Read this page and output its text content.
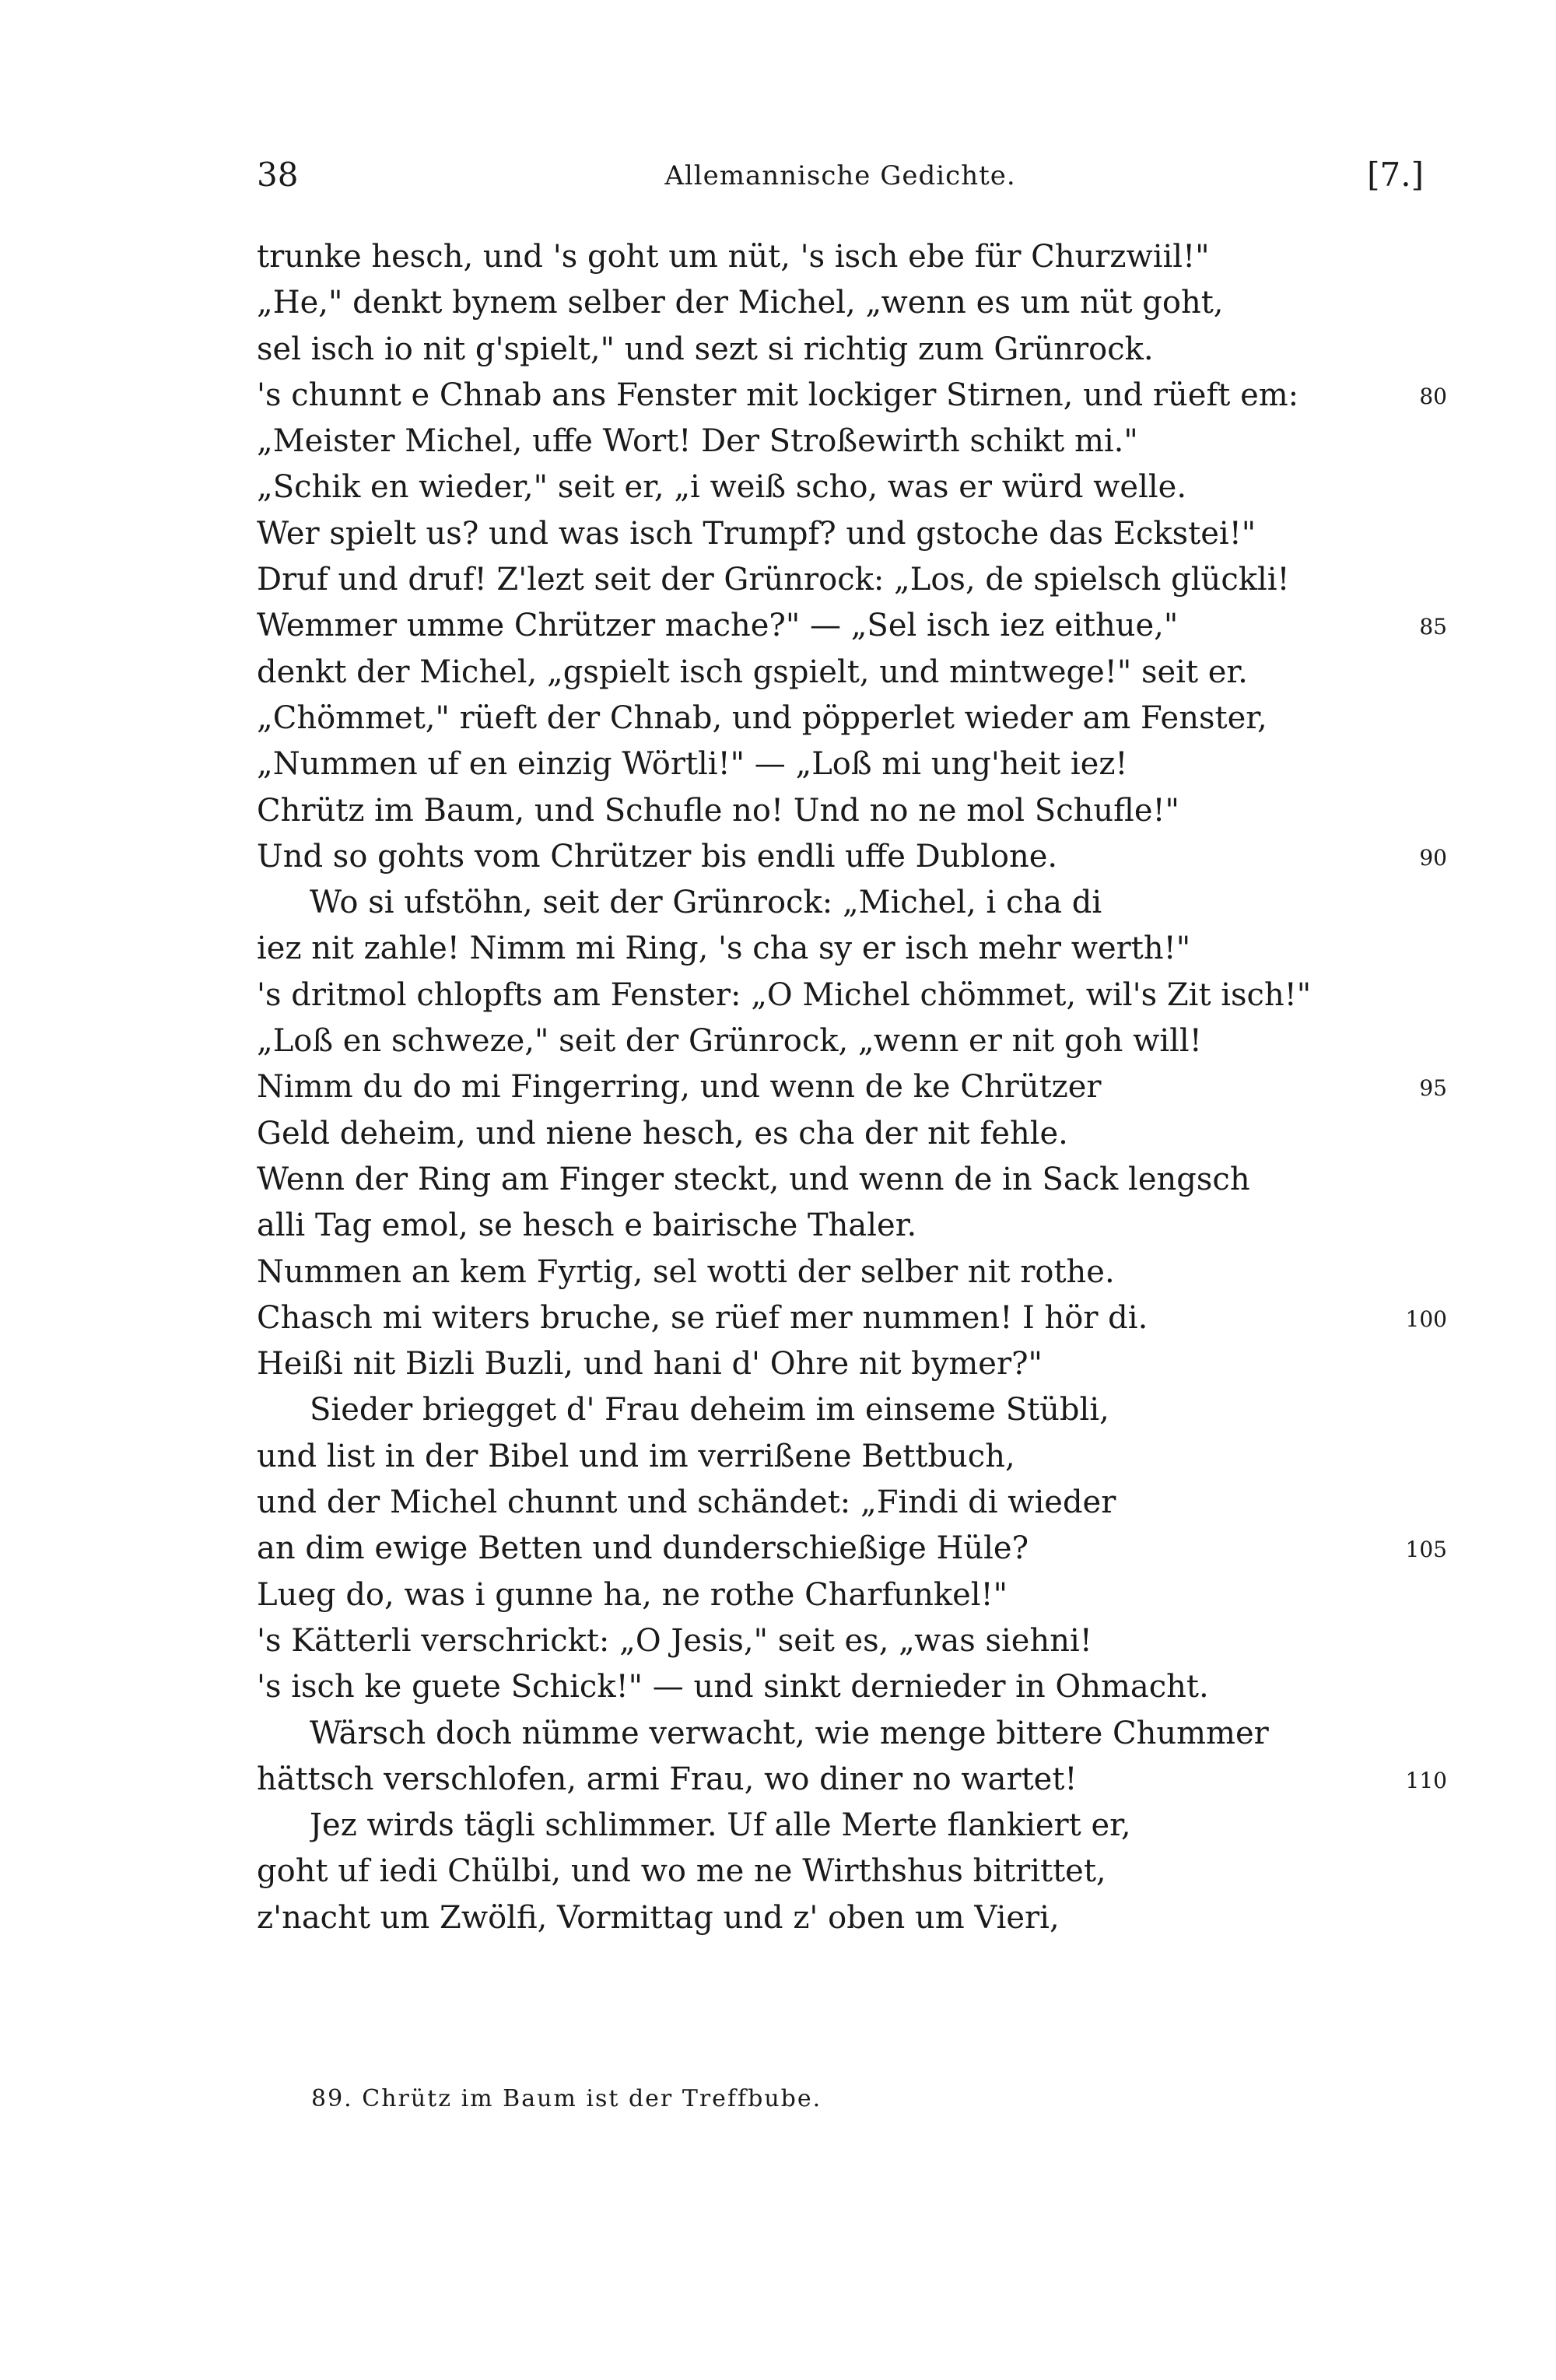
38	Allemannische Gedichte.	[7.]
trunke hesch, und 's goht um nüt, 's isch ebe für Churzwiil!"
„He," denkt bynem selber der Michel, „wenn es um nüt goht,
sel isch io nit g'spielt," und sezt si richtig zum Grünrock.
's chunnt e Chnab ans Fenster mit lockiger Stirnen, und rüeft em:	80
„Meister Michel, uffe Wort! Der Stroßewirth schikt mi."
„Schik en wieder," seit er, „i weiß scho, was er würd welle.
Wer spielt us? und was isch Trumpf? und gstoche das Eckstei!"
Druf und druf! Z'lezt seit der Grünrock: „Los, de spielsch glückli!
Wemmer umme Chrützer mache?" — „Sel isch iez eithue,"	85
denkt der Michel, „gspielt isch gspielt, und mintwege!" seit er.
„Chömmet," rüeft der Chnab, und pöpperlet wieder am Fenster,
„Nummen uf en einzig Wörtli!" — „Loß mi ung'heit iez!
Chrütz im Baum, und Schufle no! Und no ne mol Schufle!"
Und so gohts vom Chrützer bis endli uffe Dublone.	90
Wo si ufstöhn, seit der Grünrock: „Michel, i cha di
iez nit zahle! Nimm mi Ring, 's cha sy er isch mehr werth!"
's dritmol chlopfts am Fenster: „O Michel chömmet, wil's Zit isch!"
„Loß en schweze," seit der Grünrock, „wenn er nit goh will!
Nimm du do mi Fingerring, und wenn de ke Chrützer	95
Geld deheim, und niene hesch, es cha der nit fehle.
Wenn der Ring am Finger steckt, und wenn de in Sack lengsch
alli Tag emol, se hesch e bairische Thaler.
Nummen an kem Fyrtig, sel wotti der selber nit rothe.
Chasch mi witers bruche, se rüef mer nummen! I hör di.	100
Heißi nit Bizli Buzli, und hani d' Ohre nit bymer?"
Sieder briegget d' Frau deheim im einseme Stübli,
und list in der Bibel und im verrißene Bettbuch,
und der Michel chunnt und schändet: „Findi di wieder
an dim ewige Betten und dunderschießige Hüle?	105
Lueg do, was i gunne ha, ne rothe Charfunkel!"
's Kätterli verschrickt: „O Jesis," seit es, „was siehni!
's isch ke guete Schick!" — und sinkt dernieder in Ohmacht.
Wärsch doch nümme verwacht, wie menge bittere Chummer
hättsch verschlofen, armi Frau, wo diner no wartet!	110
Jez wirds tägli schlimmer. Uf alle Merte flankiert er,
goht uf iedi Chülbi, und wo me ne Wirthshus bitrittet,
z'nacht um Zwölfi, Vormittag und z' oben um Vieri,
89. Chrütz im Baum ist der Treffbube.
